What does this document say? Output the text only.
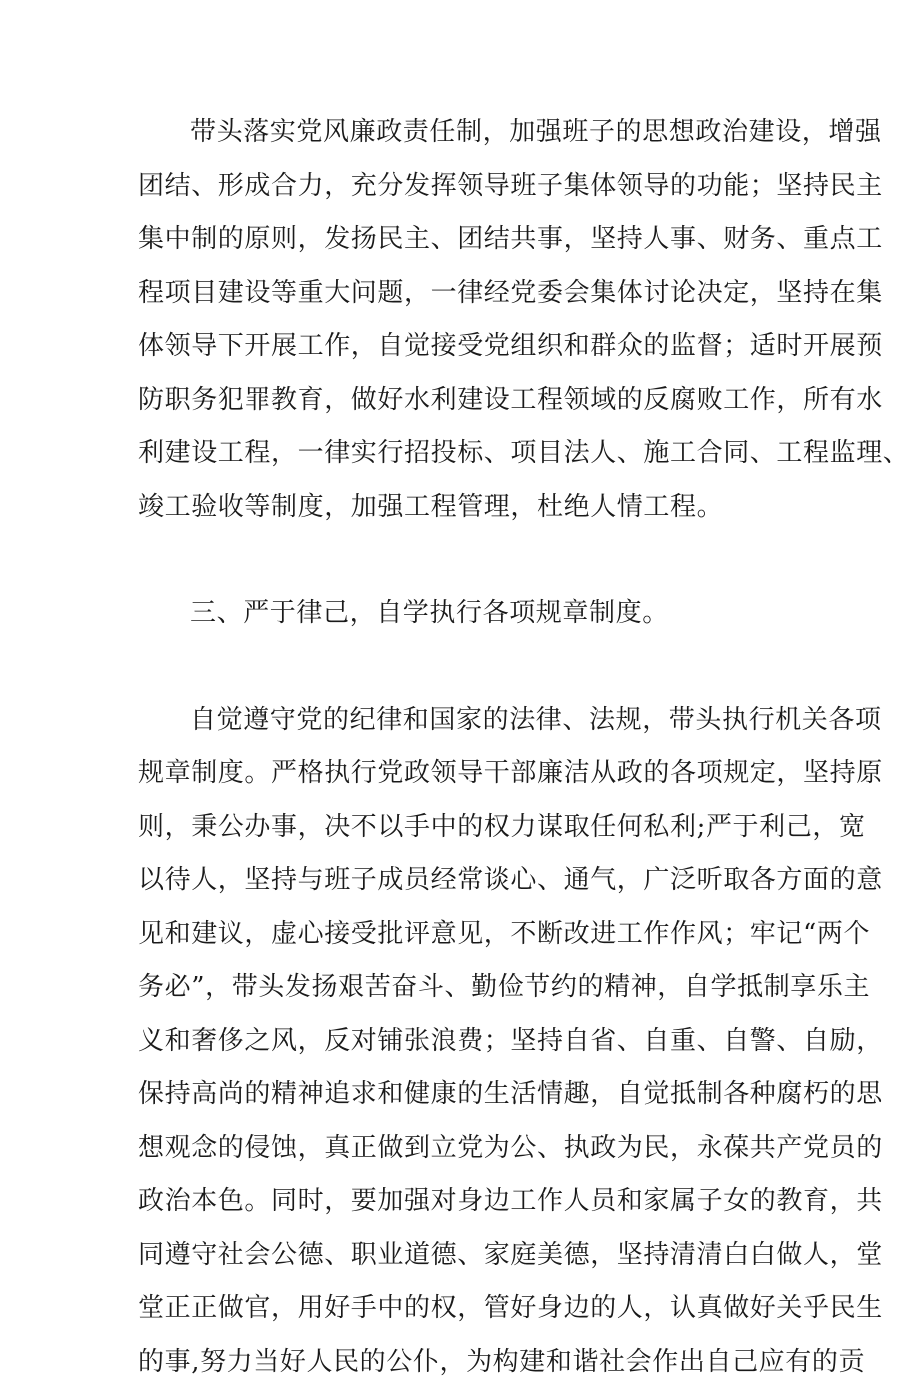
带头落实党风廉政责任制，加强班子的思想政治建设，增强
团结、形成合力，充分发挥领导班子集体领导的功能；坚持民主
集中制的原则，发扬民主、团结共事，坚持人事、财务、重点工
程项目建设等重大问题，一律经党委会集体讨论决定，坚持在集
体领导下开展工作，自觉接受党组织和群众的监督；适时开展预
防职务犯罪教育，做好水利建设工程领域的反腐败工作，所有水
利建设工程，一律实行招投标、项目法人、施工合同、工程监理、
竣工验收等制度，加强工程管理，杜绝人情工程。
三、严于律己，自学执行各项规章制度。
自觉遵守党的纪律和国家的法律、法规，带头执行机关各项
规章制度。严格执行党政领导干部廉洁从政的各项规定，坚持原
则，秉公办事，决不以手中的权力谋取任何私利;严于利己，宽
以待人，坚持与班子成员经常谈心、通气，广泛听取各方面的意
见和建议，虚心接受批评意见，不断改进工作作风；牢记“两个
务必”，带头发扬艰苦奋斗、勤俭节约的精神，自学抵制享乐主
义和奢侈之风，反对铺张浪费；坚持自省、自重、自警、自励，
保持高尚的精神追求和健康的生活情趣，自觉抵制各种腐朽的思
想观念的侵蚀，真正做到立党为公、执政为民，永葆共产党员的
政治本色。同时，要加强对身边工作人员和家属子女的教育，共
同遵守社会公德、职业道德、家庭美德，坚持清清白白做人，堂
堂正正做官，用好手中的权，管好身边的人，认真做好关乎民生
的事,努力当好人民的公仆，为构建和谐社会作出自己应有的贡
